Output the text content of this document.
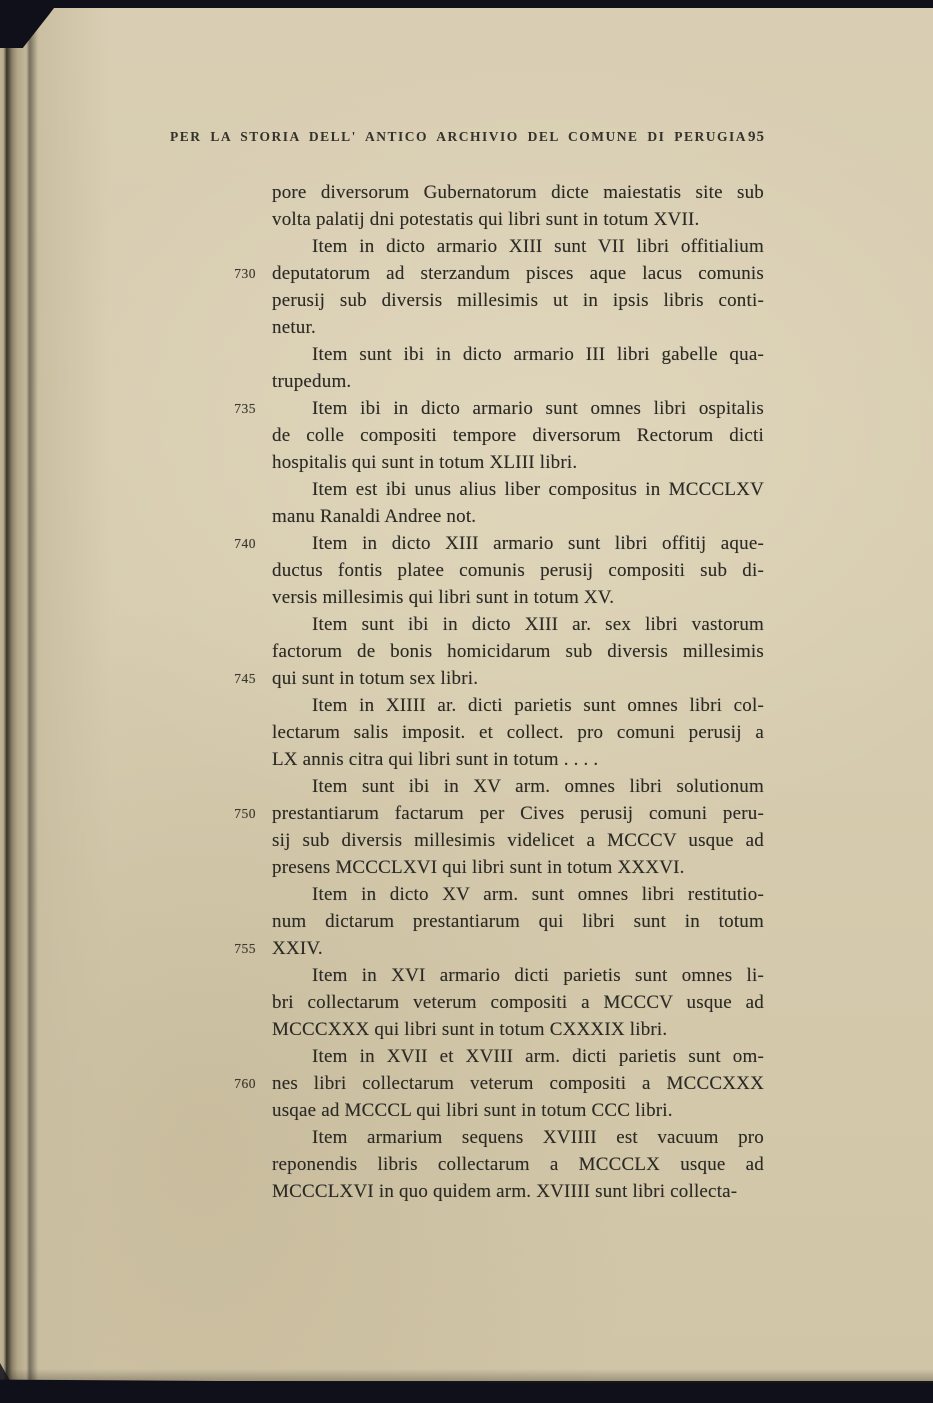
PER LA STORIA DELL' ANTICO ARCHIVIO DEL COMUNE DI PERUGIA 95
pore diversorum Gubernatorum dicte maiestatis site sub
volta palatij dni potestatis qui libri sunt in totum XVII.
Item in dicto armario XIII sunt VII libri offitialium
730 deputatorum ad sterzandum pisces aque lacus comunis
perusij sub diversis millesimis ut in ipsis libris conti-
netur.
Item sunt ibi in dicto armario III libri gabelle qua-
trupedum.
735	Item ibi in dicto armario sunt omnes libri ospitalis
de colle compositi tempore diversorum Rectorum dicti
hospitalis qui sunt in totum XLIII libri.
Item est ibi unus alius liber compositus in MCCCLXV
manu Ranaldi Andree not.
740	Item in dicto XIII armario sunt libri offitij aque-
ductus fontis platee comunis perusij compositi sub di-
versis millesimis qui libri sunt in totum XV.
Item sunt ibi in dicto XIII ar. sex libri vastorum
factorum de bonis homicidarum sub diversis millesimis
745 qui sunt in totum sex libri.
Item in XIIII ar. dicti parietis sunt omnes libri col-
lectarum salis imposit. et collect. pro comuni perusij a
LX annis citra qui libri sunt in totum . . . .
Item sunt ibi in XV arm. omnes libri solutionum
750 prestantiarum factarum per Cives perusij comuni peru-
sij sub diversis millesimis videlicet a MCCCV usque ad
presens MCCCLXVI qui libri sunt in totum XXXVI.
Item in dicto XV arm. sunt omnes libri restitutio-
num dictarum prestantiarum qui libri sunt in totum
755 XXIV.
Item in XVI armario dicti parietis sunt omnes li-
bri collectarum veterum compositi a MCCCV usque ad
MCCCXXX qui libri sunt in totum CXXXIX libri.
Item in XVII et XVIII arm. dicti parietis sunt om-
760 nes libri collectarum veterum compositi a MCCCXXX
usqae ad MCCCL qui libri sunt in totum CCC libri.
Item armarium sequens XVIIII est vacuum pro
reponendis libris collectarum a MCCCLX usque ad
MCCCLXVI in quo quidem arm. XVIIII sunt libri collecta-
